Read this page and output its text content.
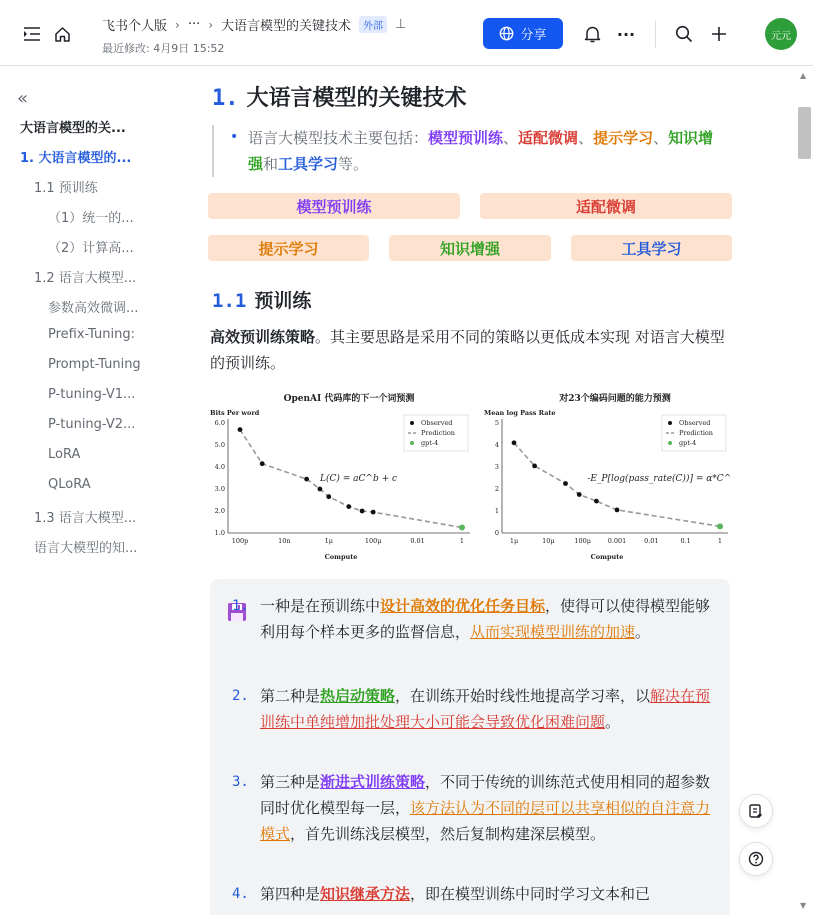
飞书个人版 › ··· › 大语言模型的关键技术	外部 ⊥
最近修改: 4月9日 15:52
分享	···	元元
«
大语言模型的关...
1. 大语言模型的...
1.1 预训练
（1）统一的...
（2）计算高...
1.2 语言大模型...
参数高效微调...
Prefix-Tuning:
Prompt-Tuning
P-tuning-V1...
P-tuning-V2...
LoRA
QLoRA
1.3 语言大模型...
语言大模型的知...
1. 大语言模型的关键技术
• 语言大模型技术主要包括：模型预训练、适配微调、提示学习、知识增强和工具学习等。

模型预训练	适配微调
提示学习	知识增强	工具学习
1.1 预训练
高效预训练策略。其主要思路是采用不同的策略以更低成本实现 对语言大模型的预训练。
OpenAI 代码库的下一个词预测
Bits Per word
Compute
1.0
2.0
3.0
4.0
5.0
6.0
100p	10n	1μ	100μ	0.01	1
L(C) = aC^b + c
Observed
Prediction
gpt-4
对23个编码问题的能力预测
Mean log Pass Rate
Compute
0
1
2
3
4
5
1μ	10μ	100μ	0.001	0.01	0.1	1
-E_P[log(pass_rate(C))] = α*C^-k
Observed
Prediction
gpt-4
1. 一种是在预训练中设计高效的优化任务目标，使得可以使得模型能够利用每个样本更多的监督信息，从而实现模型训练的加速。
2. 第二种是热启动策略，在训练开始时线性地提高学习率，以解决在预训练中单纯增加批处理大小可能会导致优化困难问题。
3. 第三种是渐进式训练策略，不同于传统的训练范式使用相同的超参数同时优化模型每一层，该方法认为不同的层可以共享相似的自注意力模式，首先训练浅层模型，然后复制构建深层模型。
4. 第四种是知识继承方法，即在模型训练中同时学习文本和已
▲
▼
